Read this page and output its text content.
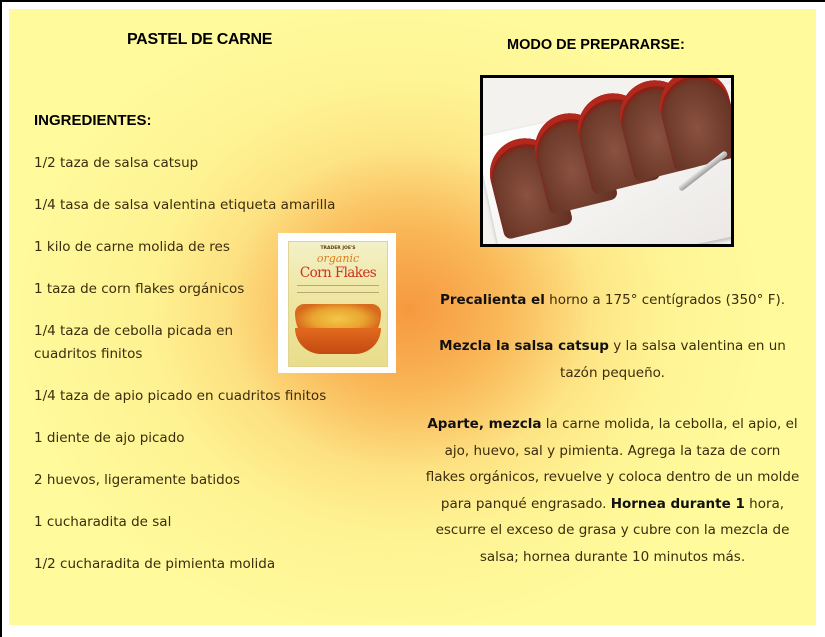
PASTEL DE CARNE	MODO DE PREPARARSE:
INGREDIENTES:
1/2 taza de salsa catsup
1/4 tasa de salsa valentina etiqueta amarilla
1 kilo de carne molida de res
1 taza de corn flakes orgánicos
1/4 taza de cebolla picada en
cuadritos finitos
1/4 taza de apio picado en cuadritos finitos
1 diente de ajo picado
2 huevos, ligeramente batidos
1 cucharadita de sal
1/2 cucharadita de pimienta molida
TRADER JOE'S
organic
Corn Flakes
Precalienta el horno a 175° centígrados (350° F).
Mezcla la salsa catsup y la salsa valentina en un tazón pequeño.
Aparte, mezcla la carne molida, la cebolla, el apio, el ajo, huevo, sal y pimienta. Agrega la taza de corn flakes orgánicos, revuelve y coloca dentro de un molde para panqué engrasado. Hornea durante 1 hora, escurre el exceso de grasa y cubre con la mezcla de salsa; hornea durante 10 minutos más.
